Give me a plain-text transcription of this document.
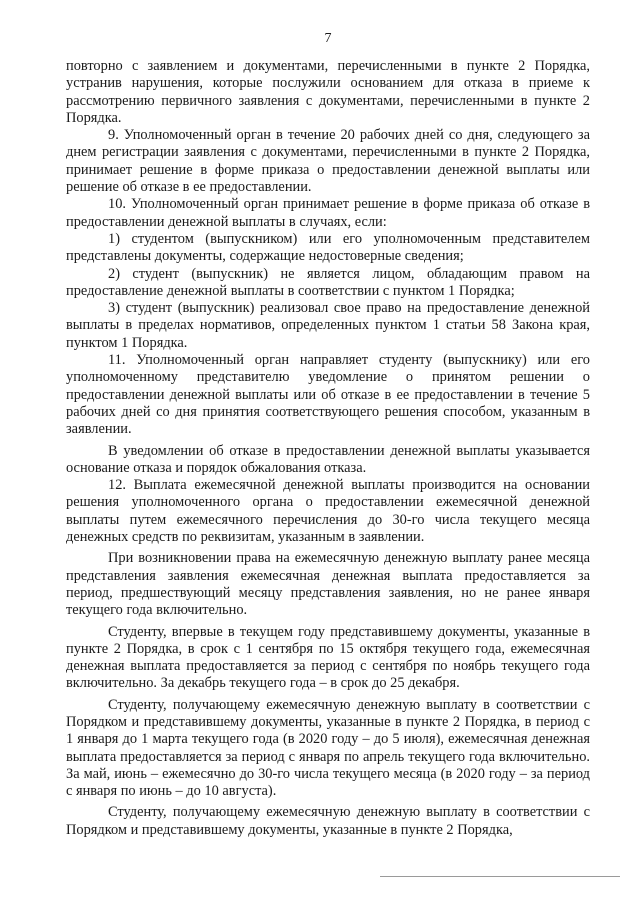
7

повторно с заявлением и документами, перечисленными в пункте 2 Порядка, устранив нарушения, которые послужили основанием для отказа в приеме к рассмотрению первичного заявления с документами, перечисленными в пункте 2 Порядка.

9. Уполномоченный орган в течение 20 рабочих дней со дня, следующего за днем регистрации заявления с документами, перечисленными в пункте 2 Порядка, принимает решение в форме приказа о предоставлении денежной выплаты или решение об отказе в ее предоставлении.

10. Уполномоченный орган принимает решение в форме приказа об отказе в предоставлении денежной выплаты в случаях, если:

1) студентом (выпускником) или его уполномоченным представителем представлены документы, содержащие недостоверные сведения;

2) студент (выпускник) не является лицом, обладающим правом на предоставление денежной выплаты в соответствии с пунктом 1 Порядка;

3) студент (выпускник) реализовал свое право на предоставление денежной выплаты в пределах нормативов, определенных пунктом 1 статьи 58 Закона края, пунктом 1 Порядка.

11. Уполномоченный орган направляет студенту (выпускнику) или его уполномоченному представителю уведомление о принятом решении о предоставлении денежной выплаты или об отказе в ее предоставлении в течение 5 рабочих дней со дня принятия соответствующего решения способом, указанным в заявлении.

В уведомлении об отказе в предоставлении денежной выплаты указывается основание отказа и порядок обжалования отказа.

12. Выплата ежемесячной денежной выплаты производится на основании решения уполномоченного органа о предоставлении ежемесячной денежной выплаты путем ежемесячного перечисления до 30-го числа текущего месяца денежных средств по реквизитам, указанным в заявлении.

При возникновении права на ежемесячную денежную выплату ранее месяца представления заявления ежемесячная денежная выплата предоставляется за период, предшествующий месяцу представления заявления, но не ранее января текущего года включительно.

Студенту, впервые в текущем году представившему документы, указанные в пункте 2 Порядка, в срок с 1 сентября по 15 октября текущего года, ежемесячная денежная выплата предоставляется за период с сентября по ноябрь текущего года включительно. За декабрь текущего года – в срок до 25 декабря.

Студенту, получающему ежемесячную денежную выплату в соответствии с Порядком и представившему документы, указанные в пункте 2 Порядка, в период с 1 января до 1 марта текущего года (в 2020 году – до 5 июля), ежемесячная денежная выплата предоставляется за период с января по апрель текущего года включительно. За май, июнь – ежемесячно до 30-го числа текущего месяца (в 2020 году – за период с января по июнь – до 10 августа).

Студенту, получающему ежемесячную денежную выплату в соответствии с Порядком и представившему документы, указанные в пункте 2 Порядка,
